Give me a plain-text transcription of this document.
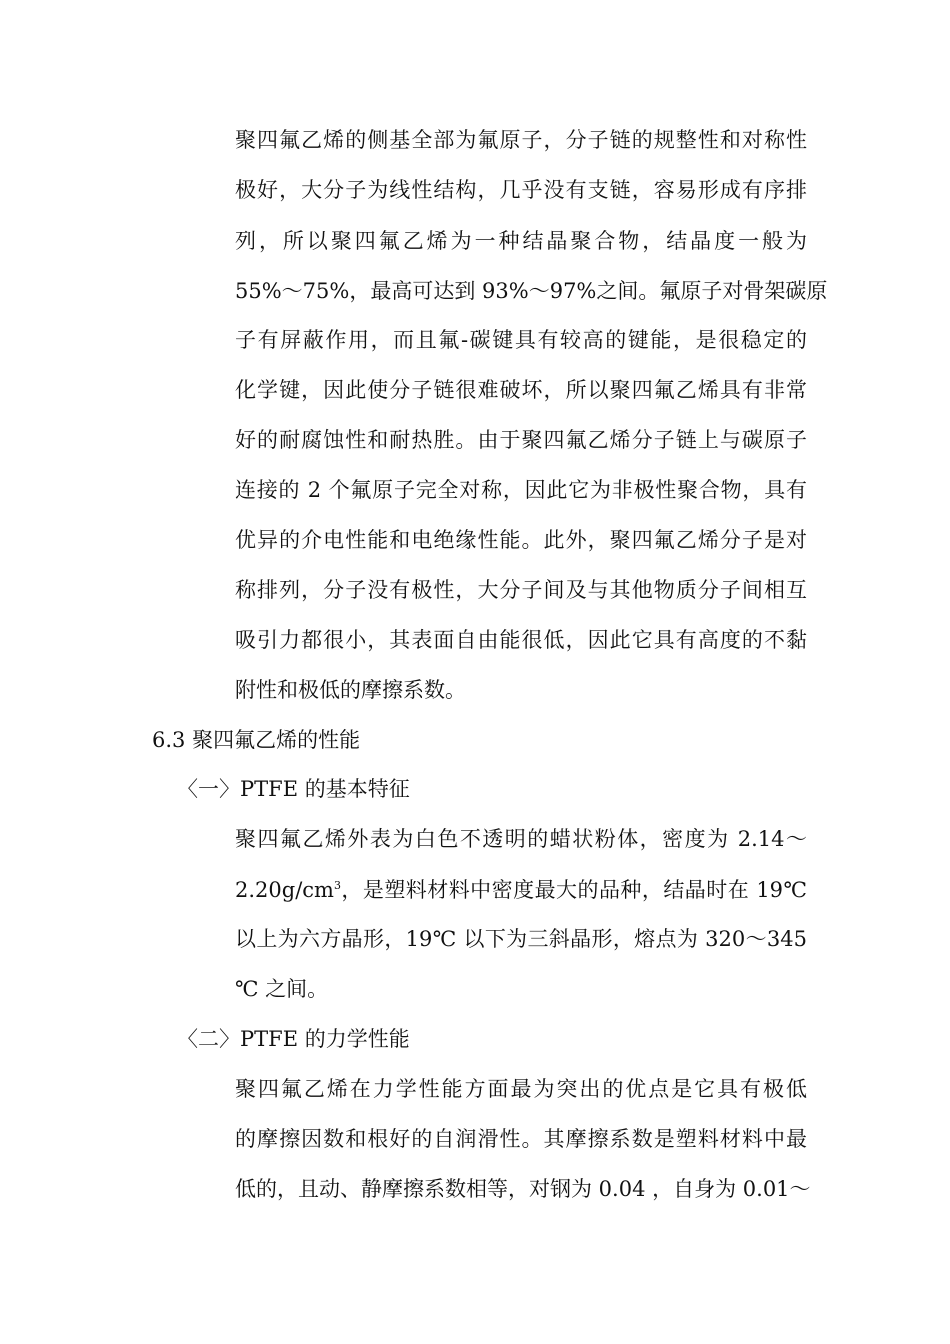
聚四氟乙烯的侧基全部为氟原子，分子链的规整性和对称性
极好，大分子为线性结构，几乎没有支链，容易形成有序排
列，所以聚四氟乙烯为一种结晶聚合物，结晶度一般为
55%～75%，最高可达到 93%～97%之间。氟原子对骨架碳原
子有屏蔽作用，而且氟-碳键具有较高的键能，是很稳定的
化学键，因此使分子链很难破坏，所以聚四氟乙烯具有非常
好的耐腐蚀性和耐热胜。由于聚四氟乙烯分子链上与碳原子
连接的 2 个氟原子完全对称，因此它为非极性聚合物，具有
优异的介电性能和电绝缘性能。此外，聚四氟乙烯分子是对
称排列，分子没有极性，大分子间及与其他物质分子间相互
吸引力都很小，其表面自由能很低，因此它具有高度的不黏
附性和极低的摩擦系数。
6.3 聚四氟乙烯的性能
〈一〉PTFE 的基本特征
聚四氟乙烯外表为白色不透明的蜡状粉体，密度为 2.14～
$2.20g/cm^3$，是塑料材料中密度最大的品种，结晶时在 19℃
以上为六方晶形，19℃ 以下为三斜晶形，熔点为 320～345
℃ 之间。
〈二〉PTFE 的力学性能
聚四氟乙烯在力学性能方面最为突出的优点是它具有极低
的摩擦因数和根好的自润滑性。其摩擦系数是塑料材料中最
低的，且动、静摩擦系数相等，对钢为 0.04 ，自身为 0.01～
